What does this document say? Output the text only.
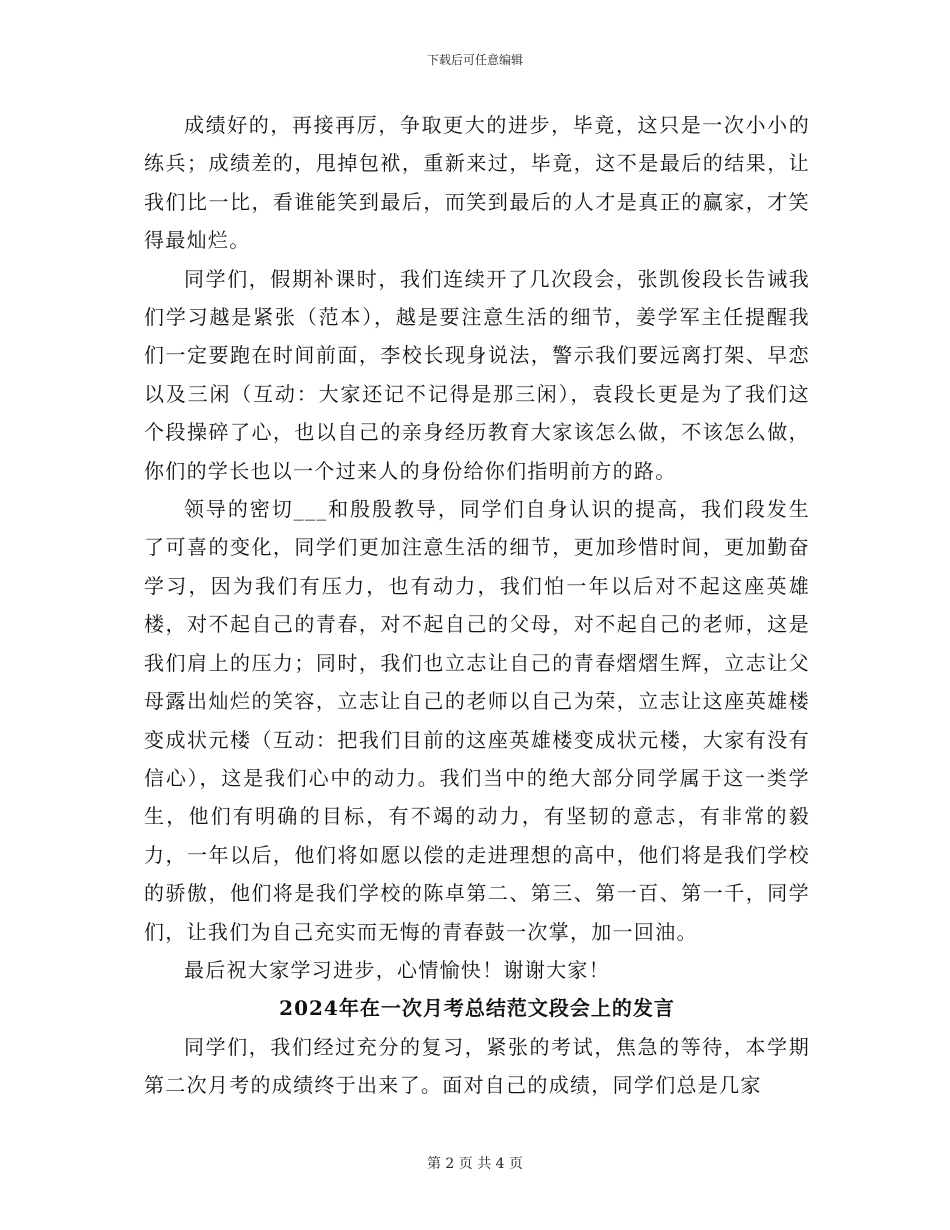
下载后可任意编辑

成绩好的，再接再厉，争取更大的进步，毕竟，这只是一次小小的练兵；成绩差的，甩掉包袱，重新来过，毕竟，这不是最后的结果，让我们比一比，看谁能笑到最后，而笑到最后的人才是真正的赢家，才笑得最灿烂。

同学们，假期补课时，我们连续开了几次段会，张凯俊段长告诫我们学习越是紧张（范本），越是要注意生活的细节，姜学军主任提醒我们一定要跑在时间前面，李校长现身说法，警示我们要远离打架、早恋以及三闲（互动：大家还记不记得是那三闲），袁段长更是为了我们这个段操碎了心，也以自己的亲身经历教育大家该怎么做，不该怎么做，你们的学长也以一个过来人的身份给你们指明前方的路。

领导的密切___和殷殷教导，同学们自身认识的提高，我们段发生了可喜的变化，同学们更加注意生活的细节，更加珍惜时间，更加勤奋学习，因为我们有压力，也有动力，我们怕一年以后对不起这座英雄楼，对不起自己的青春，对不起自己的父母，对不起自己的老师，这是我们肩上的压力；同时，我们也立志让自己的青春熠熠生辉，立志让父母露出灿烂的笑容，立志让自己的老师以自己为荣，立志让这座英雄楼变成状元楼（互动：把我们目前的这座英雄楼变成状元楼，大家有没有信心），这是我们心中的动力。我们当中的绝大部分同学属于这一类学生，他们有明确的目标，有不竭的动力，有坚韧的意志，有非常的毅力，一年以后，他们将如愿以偿的走进理想的高中，他们将是我们学校的骄傲，他们将是我们学校的陈卓第二、第三、第一百、第一千，同学们，让我们为自己充实而无悔的青春鼓一次掌，加一回油。

最后祝大家学习进步，心情愉快！谢谢大家！

2024年在一次月考总结范文段会上的发言

同学们，我们经过充分的复习，紧张的考试，焦急的等待，本学期第二次月考的成绩终于出来了。面对自己的成绩，同学们总是几家

第 2 页 共 4 页
